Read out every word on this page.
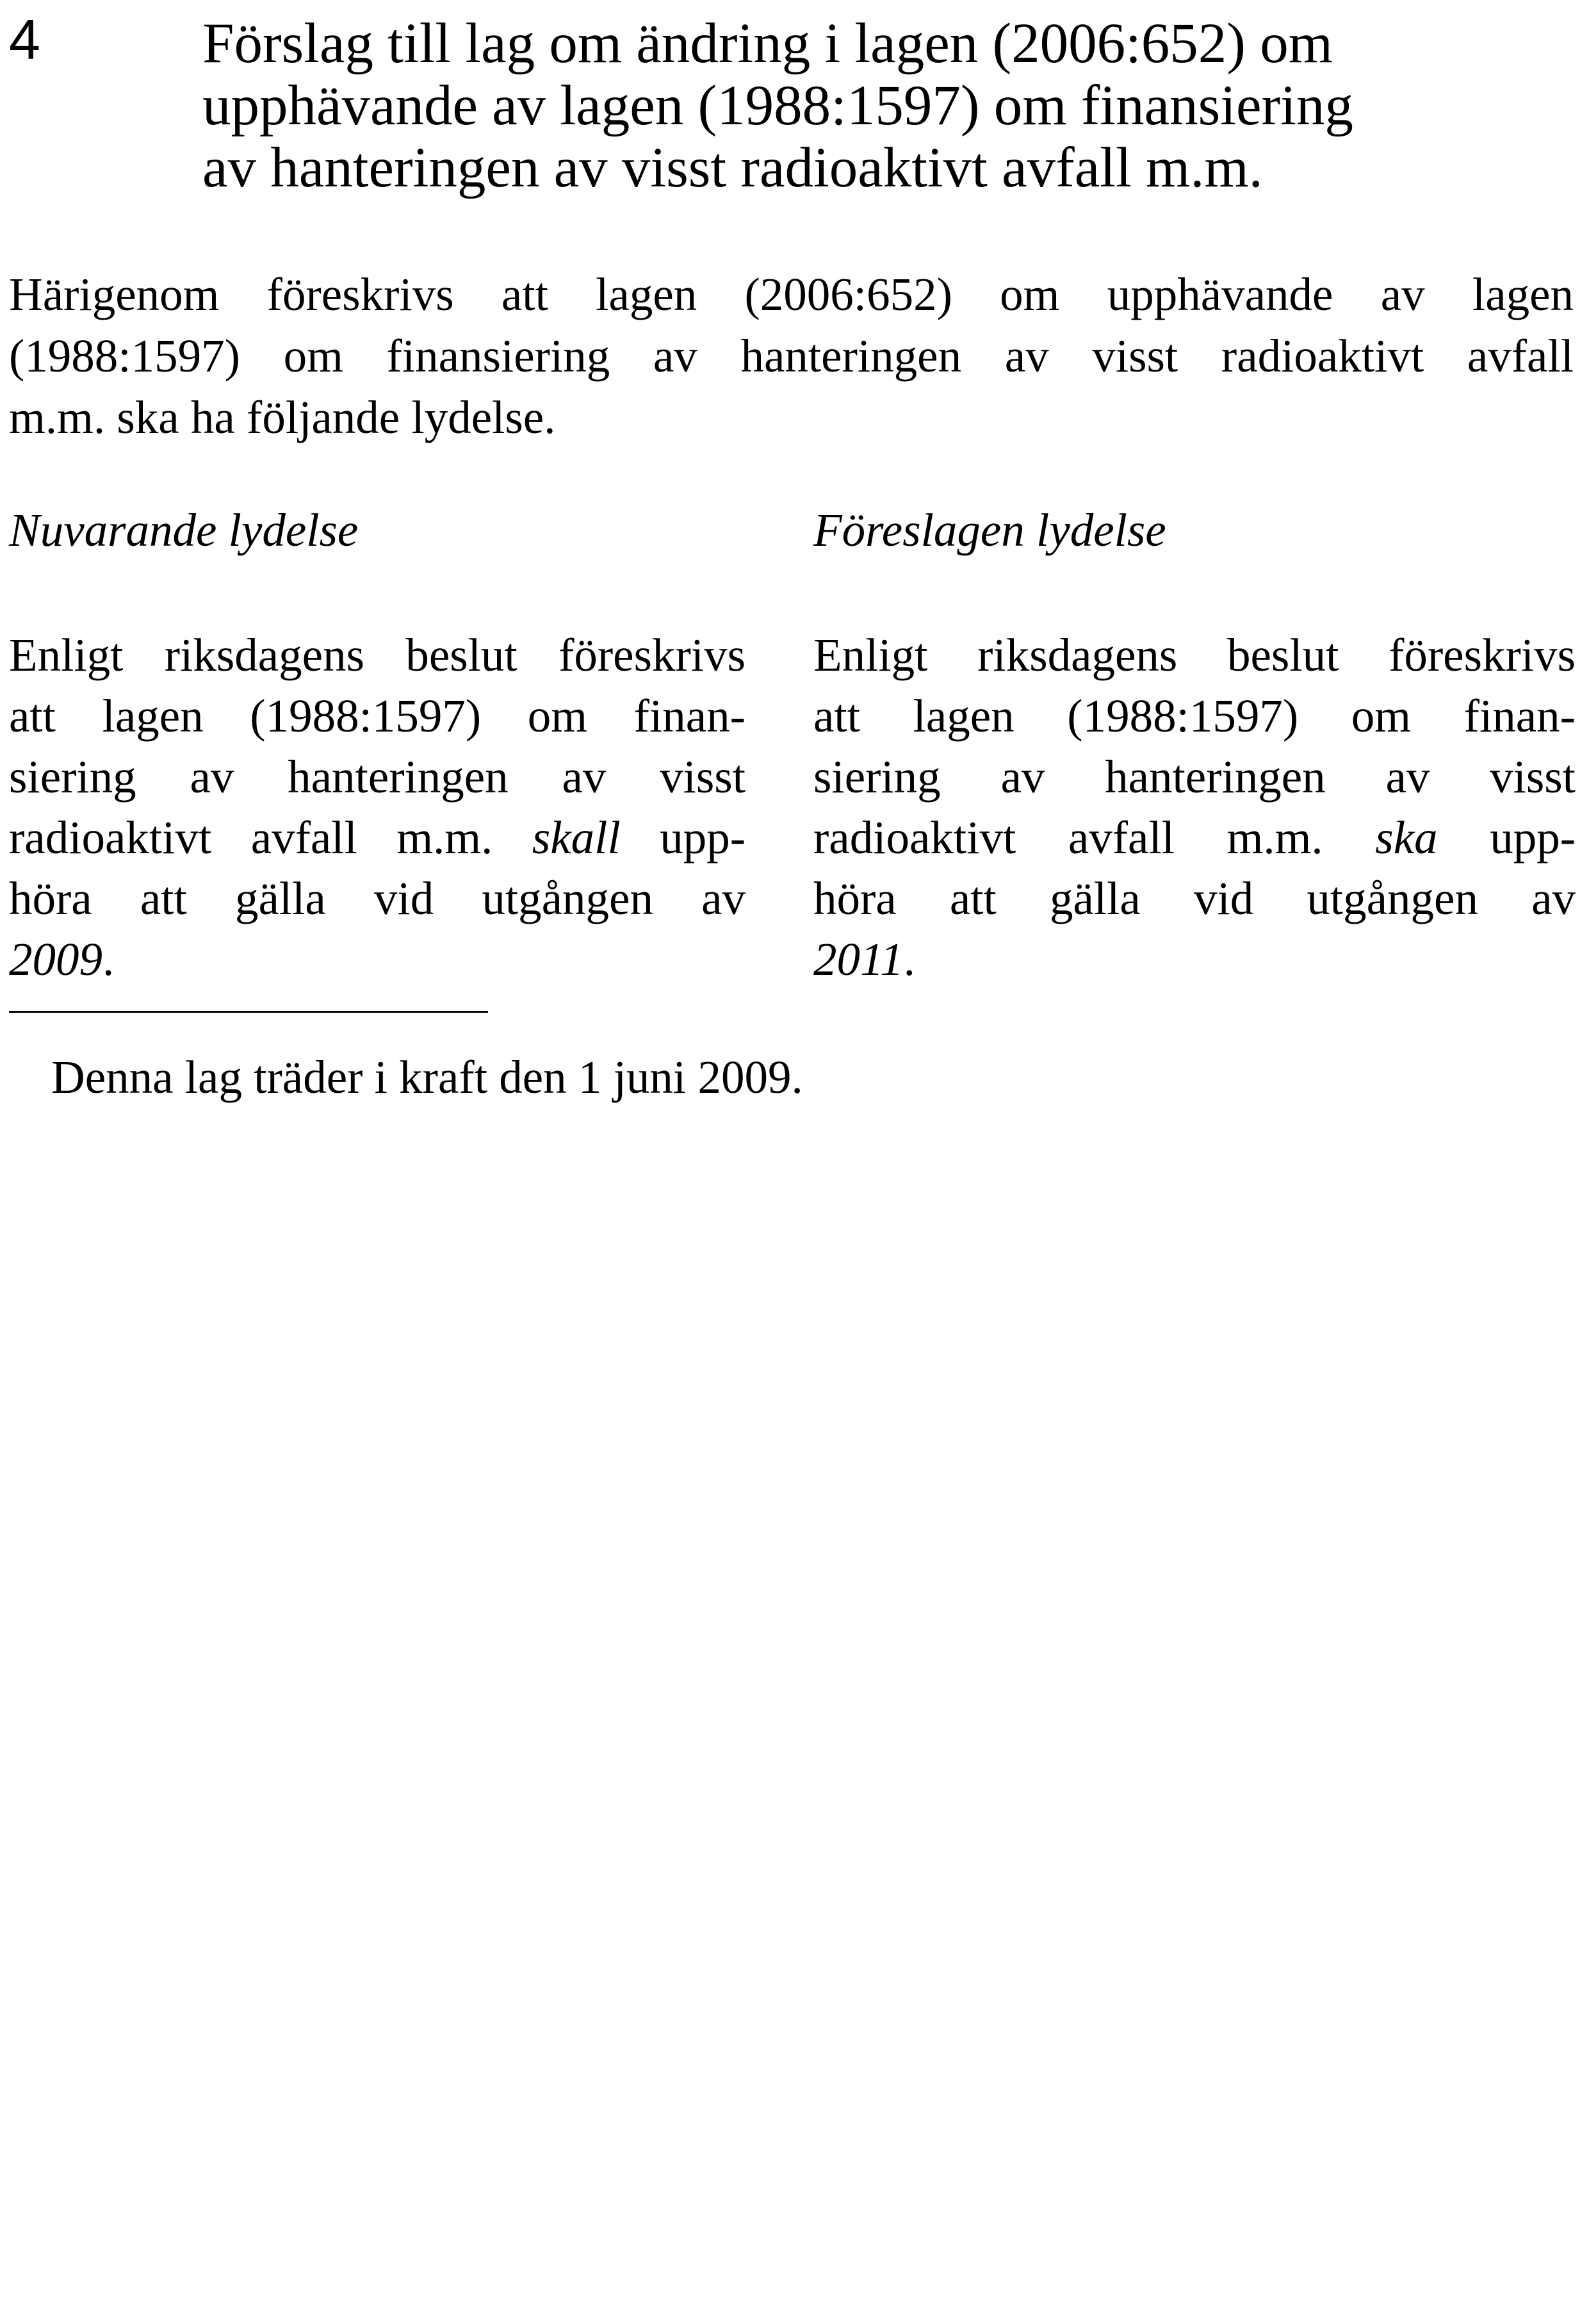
4	Förslag till lag om ändring i lagen (2006:652) om
upphävande av lagen (1988:1597) om finansiering
av hanteringen av visst radioaktivt avfall m.m.
Härigenom föreskrivs att lagen (2006:652) om upphävande av lagen
(1988:1597) om finansiering av hanteringen av visst radioaktivt avfall
m.m. ska ha följande lydelse.
Nuvarande lydelse
Enligt riksdagens beslut föreskrivs
att lagen (1988:1597) om finan-
siering av hanteringen av visst
radioaktivt avfall m.m. skall upp-
höra att gälla vid utgången av
2009.
Föreslagen lydelse
Enligt riksdagens beslut föreskrivs
att lagen (1988:1597) om finan-
siering av hanteringen av visst
radioaktivt avfall m.m. ska upp-
höra att gälla vid utgången av
2011.
Denna lag träder i kraft den 1 juni 2009.
